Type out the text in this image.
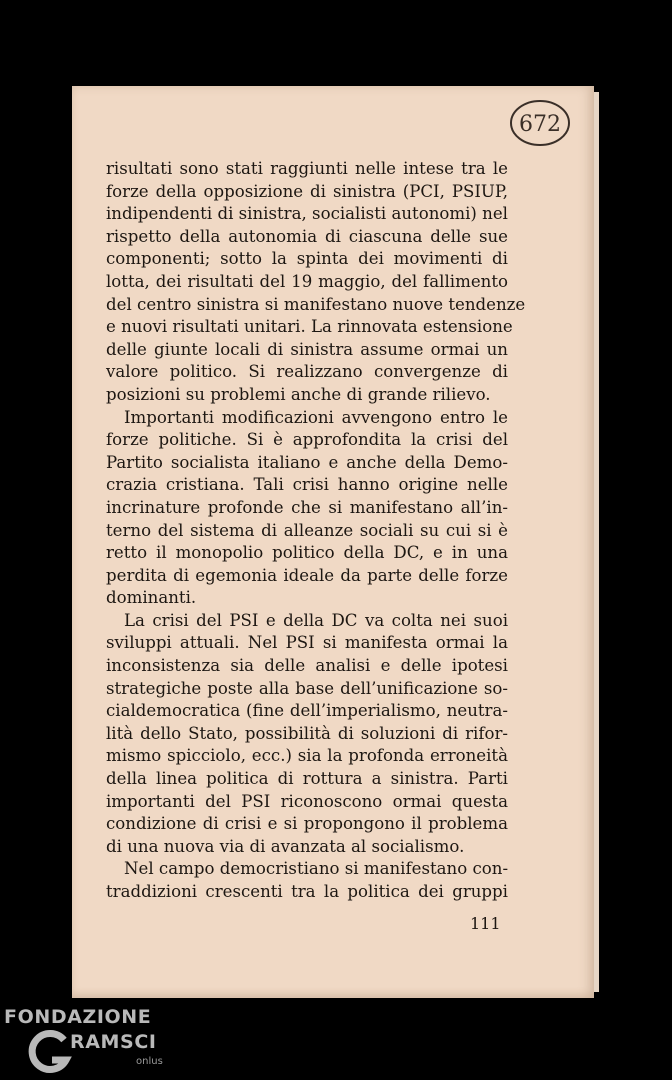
672
risultati sono stati raggiunti nelle intese tra le
forze della opposizione di sinistra (PCI, PSIUP,
indipendenti di sinistra, socialisti autonomi) nel
rispetto della autonomia di ciascuna delle sue
componenti; sotto la spinta dei movimenti di
lotta, dei risultati del 19 maggio, del fallimento
del centro sinistra si manifestano nuove tendenze
e nuovi risultati unitari. La rinnovata estensione
delle giunte locali di sinistra assume ormai un
valore politico. Si realizzano convergenze di
posizioni su problemi anche di grande rilievo.
Importanti modificazioni avvengono entro le
forze politiche. Si è approfondita la crisi del
Partito socialista italiano e anche della Demo-
crazia cristiana. Tali crisi hanno origine nelle
incrinature profonde che si manifestano all’in-
terno del sistema di alleanze sociali su cui si è
retto il monopolio politico della DC, e in una
perdita di egemonia ideale da parte delle forze
dominanti.
La crisi del PSI e della DC va colta nei suoi
sviluppi attuali. Nel PSI si manifesta ormai la
inconsistenza sia delle analisi e delle ipotesi
strategiche poste alla base dell’unificazione so-
cialdemocratica (fine dell’imperialismo, neutra-
lità dello Stato, possibilità di soluzioni di rifor-
mismo spicciolo, ecc.) sia la profonda erroneità
della linea politica di rottura a sinistra. Parti
importanti del PSI riconoscono ormai questa
condizione di crisi e si propongono il problema
di una nuova via di avanzata al socialismo.
Nel campo democristiano si manifestano con-
traddizioni crescenti tra la politica dei gruppi
111
FONDAZIONE
RAMSCI
onlus
